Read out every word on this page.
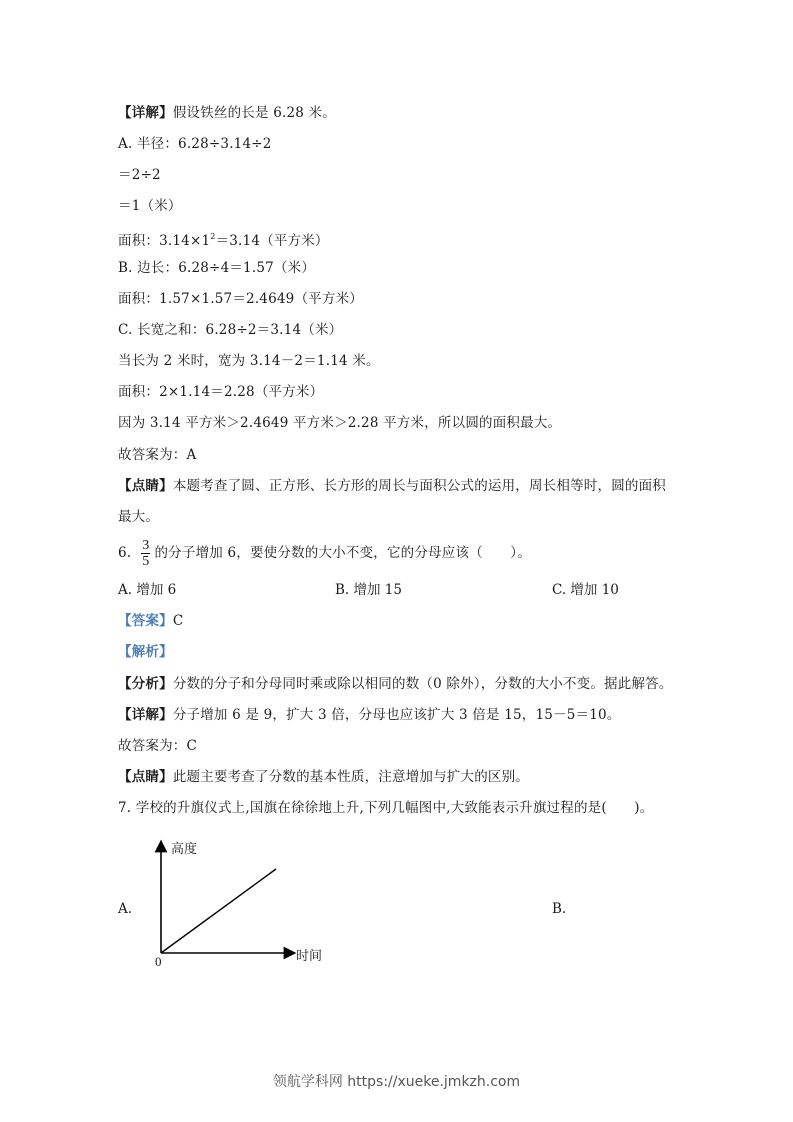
【详解】假设铁丝的长是 6.28 米。
A. 半径：6.28÷3.14÷2
＝2÷2
＝1（米）
面积：$3.14\times 1^2=3.14$（平方米）
B. 边长：6.28÷4＝1.57（米）
面积：1.57×1.57＝2.4649（平方米）
C. 长宽之和：6.28÷2＝3.14（米）
当长为 2 米时，宽为 3.14－2＝1.14 米。
面积：2×1.14＝2.28（平方米）
因为 3.14 平方米＞2.4649 平方米＞2.28 平方米，所以圆的面积最大。
故答案为：A
【点睛】本题考查了圆、正方形、长方形的周长与面积公式的运用，周长相等时，圆的面积
最大。
6. $\frac{3}{5}$ 的分子增加 6，要使分数的大小不变，它的分母应该（　　）。
A. 增加 6	B. 增加 15	C. 增加 10
【答案】C
【解析】
【分析】分数的分子和分母同时乘或除以相同的数（0 除外），分数的大小不变。据此解答。
【详解】分子增加 6 是 9，扩大 3 倍，分母也应该扩大 3 倍是 15，15－5＝10。
故答案为：C
【点睛】此题主要考查了分数的基本性质，注意增加与扩大的区别。
7. 学校的升旗仪式上,国旗在徐徐地上升,下列几幅图中,大致能表示升旗过程的是(　　)。
A.	B.
高度
时间
0
领航学科网 https://xueke.jmkzh.com
